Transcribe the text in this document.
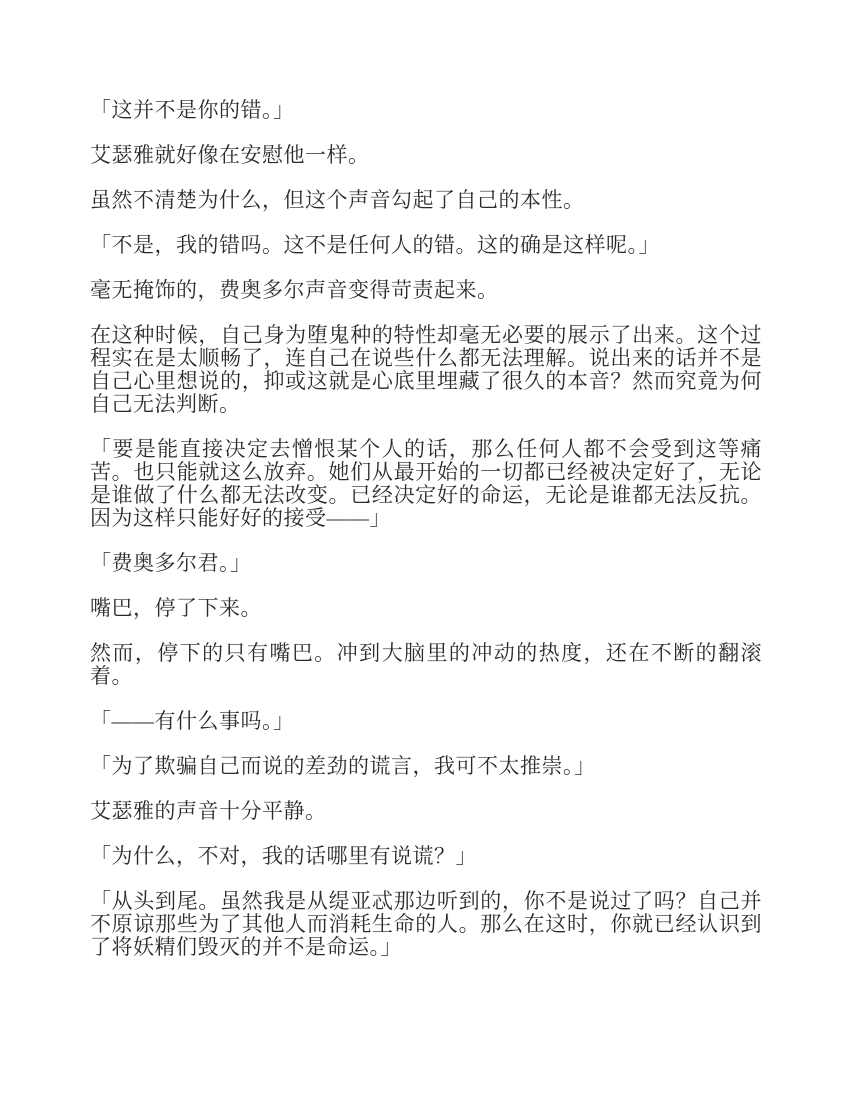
「这并不是你的错。」

艾瑟雅就好像在安慰他一样。

虽然不清楚为什么，但这个声音勾起了自己的本性。

「不是，我的错吗。这不是任何人的错。这的确是这样呢。」

毫无掩饰的，费奥多尔声音变得苛责起来。

在这种时候，自己身为堕鬼种的特性却毫无必要的展示了出来。这个过程实在是太顺畅了，连自己在说些什么都无法理解。说出来的话并不是自己心里想说的，抑或这就是心底里埋藏了很久的本音？然而究竟为何自己无法判断。

「要是能直接决定去憎恨某个人的话，那么任何人都不会受到这等痛苦。也只能就这么放弃。她们从最开始的一切都已经被决定好了，无论是谁做了什么都无法改变。已经决定好的命运，无论是谁都无法反抗。因为这样只能好好的接受——」

「费奥多尔君。」

嘴巴，停了下来。

然而，停下的只有嘴巴。冲到大脑里的冲动的热度，还在不断的翻滚着。

「——有什么事吗。」

「为了欺骗自己而说的差劲的谎言，我可不太推崇。」

艾瑟雅的声音十分平静。

「为什么，不对，我的话哪里有说谎？」

「从头到尾。虽然我是从缇亚忒那边听到的，你不是说过了吗？自己并不原谅那些为了其他人而消耗生命的人。那么在这时，你就已经认识到了将妖精们毁灭的并不是命运。」
